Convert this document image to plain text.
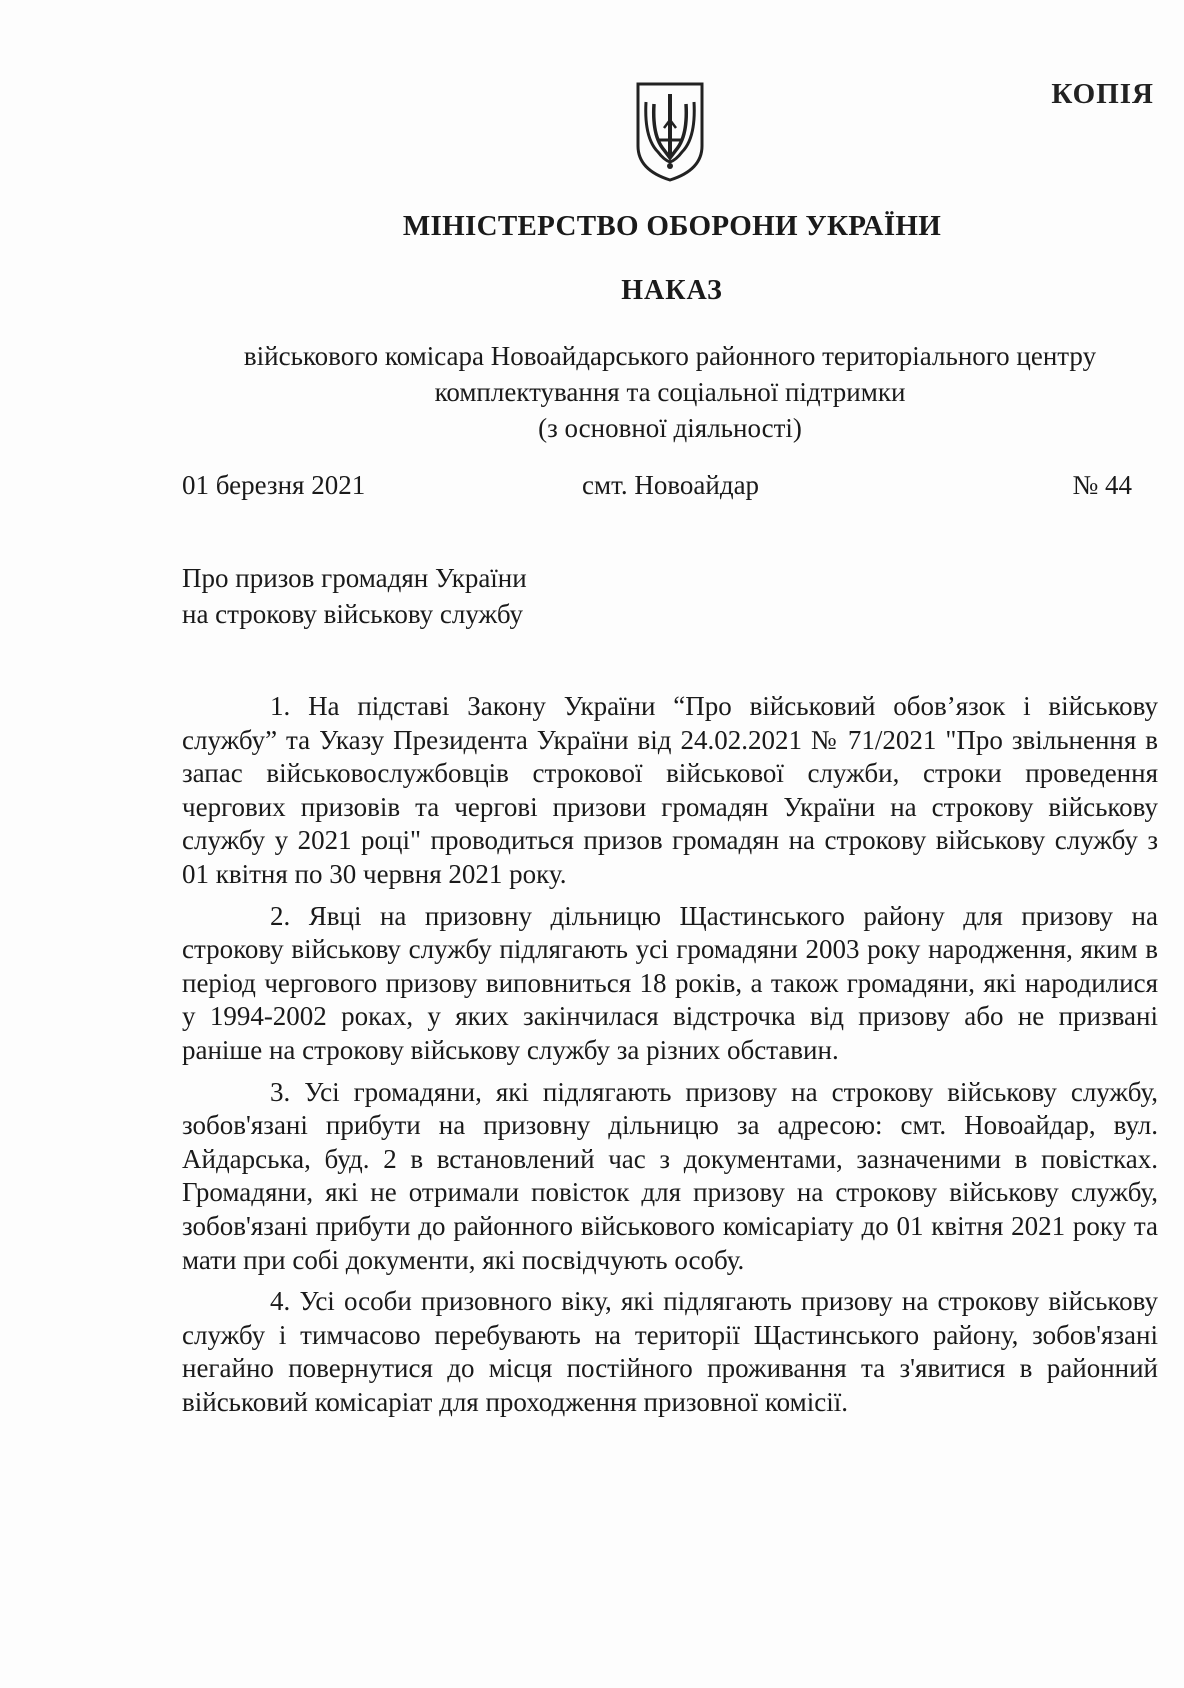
КОПІЯ
МІНІСТЕРСТВО ОБОРОНИ УКРАЇНИ
НАКАЗ
військового комісара Новоайдарського районного територіального центру
комплектування та соціальної підтримки
(з основної діяльності)
01 березня 2021	смт. Новоайдар	№ 44
Про призов громадян України
на строкову військову службу

1. На підставі Закону України “Про військовий обов’язок і військову службу” та Указу Президента України від 24.02.2021 № 71/2021 "Про звільнення в запас військовослужбовців строкової військової служби, строки проведення чергових призовів та чергові призови громадян України на строкову військову службу у 2021 році" проводиться призов громадян на строкову військову службу з 01 квітня по 30 червня 2021 року.

2. Явці на призовну дільницю Щастинського району для призову на строкову військову службу підлягають усі громадяни 2003 року народження, яким в період чергового призову виповниться 18 років, а також громадяни, які народилися у 1994-2002 роках, у яких закінчилася відстрочка від призову або не призвані раніше на строкову військову службу за різних обставин.

3. Усі громадяни, які підлягають призову на строкову військову службу, зобов'язані прибути на призовну дільницю за адресою: смт. Новоайдар, вул. Айдарська, буд. 2 в встановлений час з документами, зазначеними в повістках. Громадяни, які не отримали повісток для призову на строкову військову службу, зобов'язані прибути до районного військового комісаріату до 01 квітня 2021 року та мати при собі документи, які посвідчують особу.

4. Усі особи призовного віку, які підлягають призову на строкову військову службу і тимчасово перебувають на території Щастинського району, зобов'язані негайно повернутися до місця постійного проживання та з'явитися в районний військовий комісаріат для проходження призовної комісії.
